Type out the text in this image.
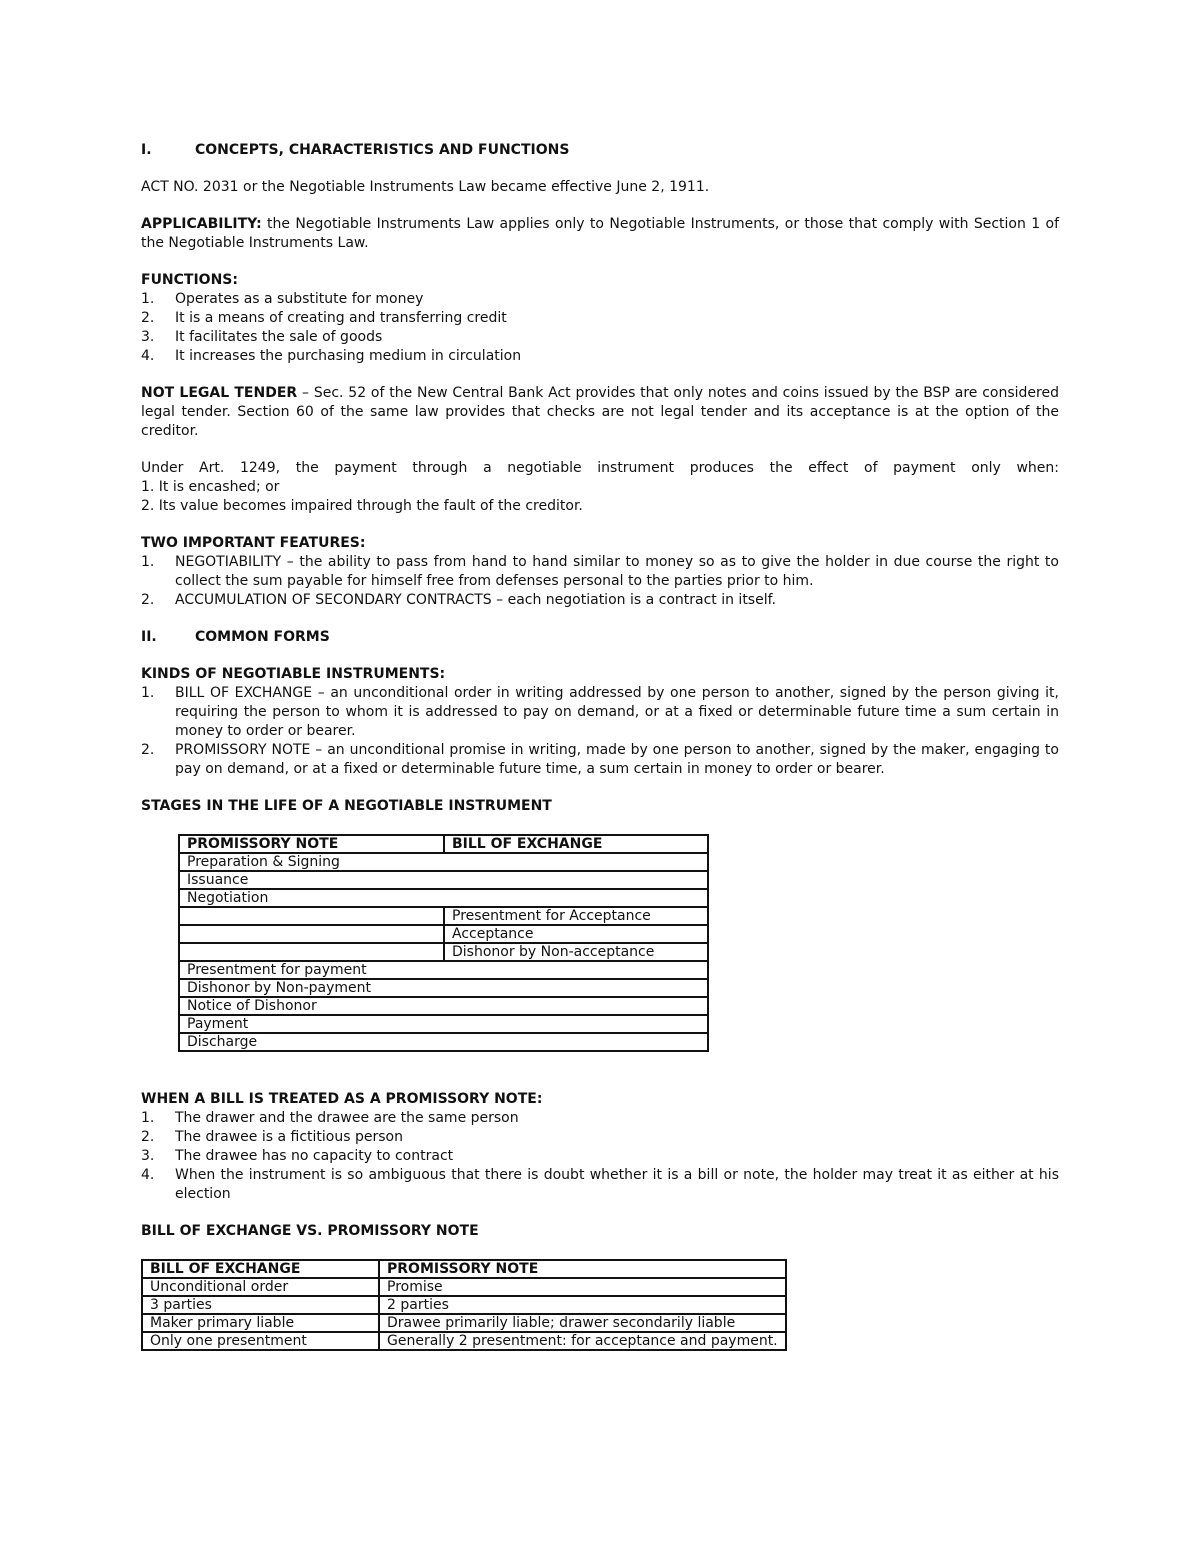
I.	CONCEPTS, CHARACTERISTICS AND FUNCTIONS

ACT NO. 2031 or the Negotiable Instruments Law became effective June 2, 1911.

APPLICABILITY: the Negotiable Instruments Law applies only to Negotiable Instruments, or those that comply with Section 1 of the Negotiable Instruments Law.

FUNCTIONS:

1.	Operates as a substitute for money
2.	It is a means of creating and transferring credit
3.	It facilitates the sale of goods
4.	It increases the purchasing medium in circulation

NOT LEGAL TENDER – Sec. 52 of the New Central Bank Act provides that only notes and coins issued by the BSP are considered legal tender. Section 60 of the same law provides that checks are not legal tender and its acceptance is at the option of the creditor.

Under Art. 1249, the payment through a negotiable instrument produces the effect of payment only when:

1. It is encashed; or

2. Its value becomes impaired through the fault of the creditor.

TWO IMPORTANT FEATURES:

1.	NEGOTIABILITY – the ability to pass from hand to hand similar to money so as to give the holder in due course the right to collect the sum payable for himself free from defenses personal to the parties prior to him.
2.	ACCUMULATION OF SECONDARY CONTRACTS – each negotiation is a contract in itself.
II.	COMMON FORMS

KINDS OF NEGOTIABLE INSTRUMENTS:

1.	BILL OF EXCHANGE – an unconditional order in writing addressed by one person to another, signed by the person giving it, requiring the person to whom it is addressed to pay on demand, or at a fixed or determinable future time a sum certain in money to order or bearer.
2.	PROMISSORY NOTE – an unconditional promise in writing, made by one person to another, signed by the maker, engaging to pay on demand, or at a fixed or determinable future time, a sum certain in money to order or bearer.

STAGES IN THE LIFE OF A NEGOTIABLE INSTRUMENT

PROMISSORY NOTE	BILL OF EXCHANGE
Preparation & Signing	
Issuance	
Negotiation	
	Presentment for Acceptance
	Acceptance
	Dishonor by Non-acceptance
Presentment for payment	
Dishonor by Non-payment	
Notice of Dishonor	
Payment	
Discharge	

WHEN A BILL IS TREATED AS A PROMISSORY NOTE:

1.	The drawer and the drawee are the same person
2.	The drawee is a fictitious person
3.	The drawee has no capacity to contract
4.	When the instrument is so ambiguous that there is doubt whether it is a bill or note, the holder may treat it as either at his election

BILL OF EXCHANGE VS. PROMISSORY NOTE

BILL OF EXCHANGE	PROMISSORY NOTE
Unconditional order	Promise
3 parties	2 parties
Maker primary liable	Drawee primarily liable; drawer secondarily liable
Only one presentment	Generally 2 presentment: for acceptance and payment.
